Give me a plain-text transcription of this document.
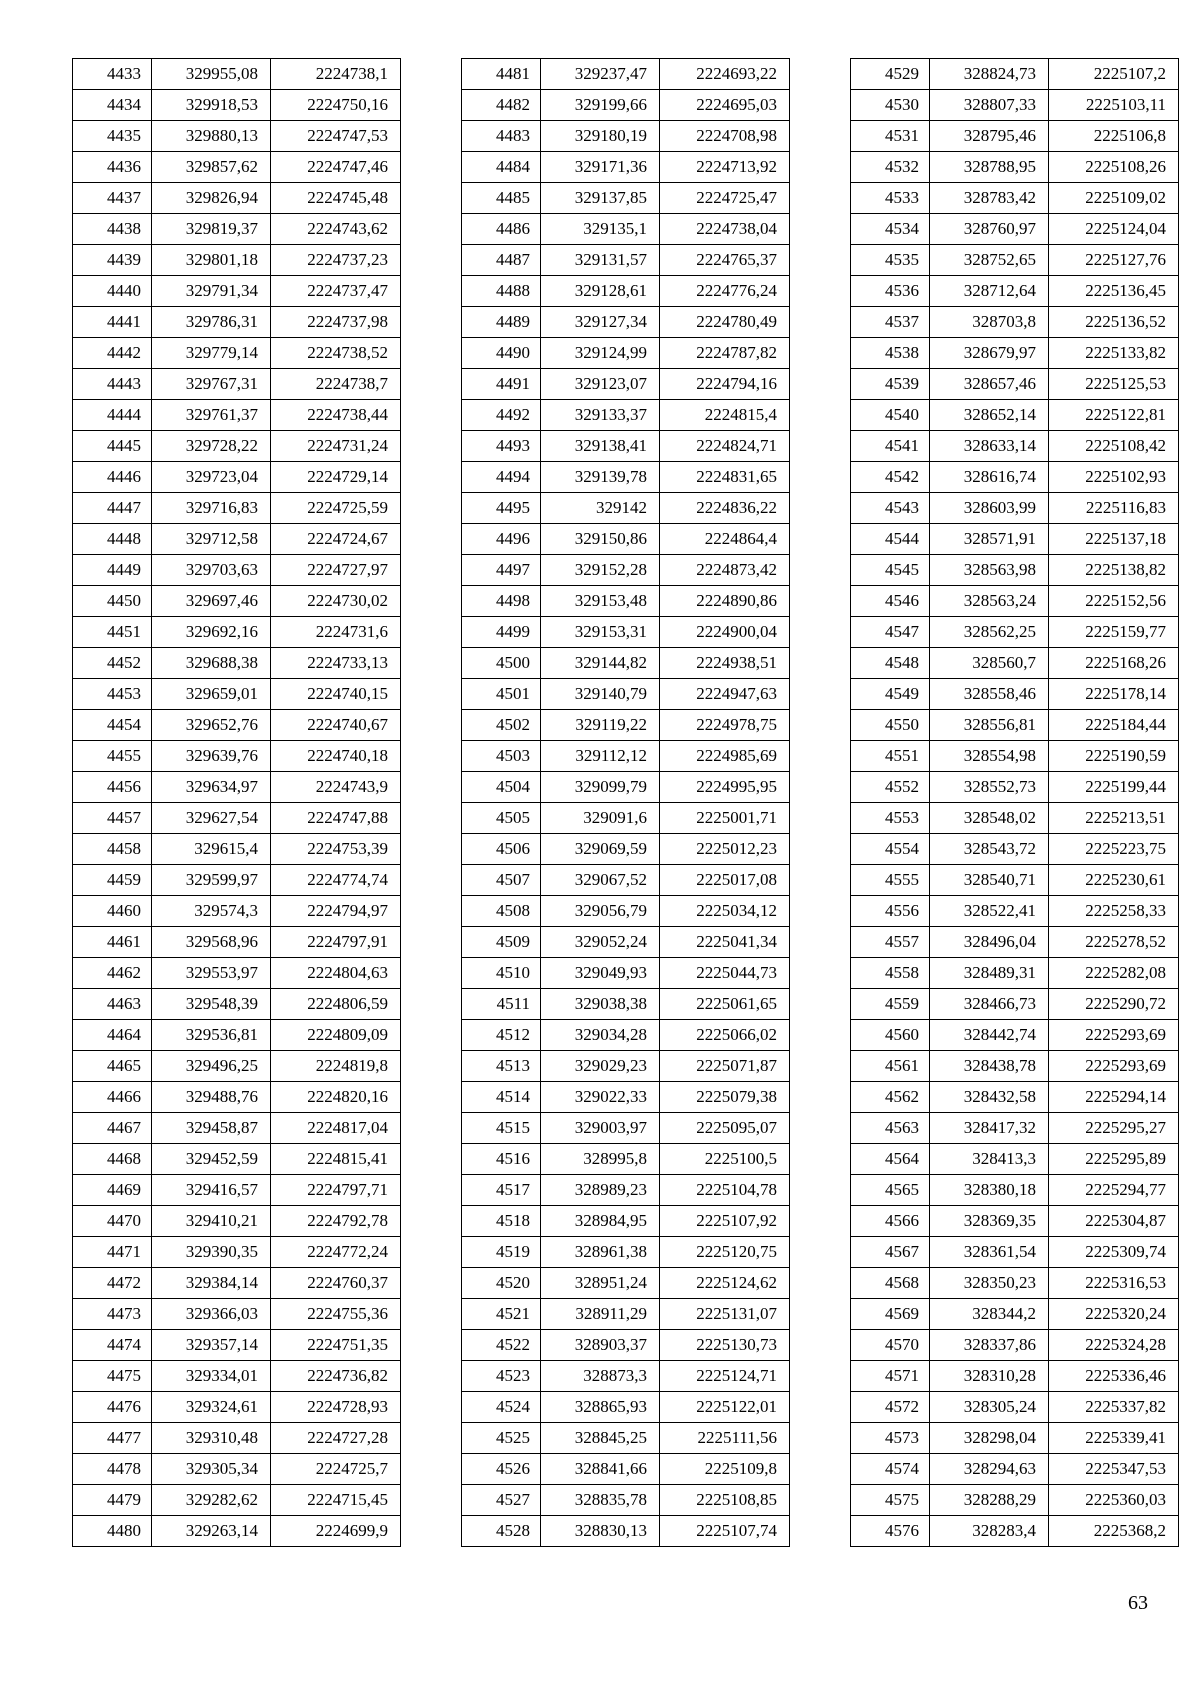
4433	329955,08	2224738,1
4434	329918,53	2224750,16
4435	329880,13	2224747,53
4436	329857,62	2224747,46
4437	329826,94	2224745,48
4438	329819,37	2224743,62
4439	329801,18	2224737,23
4440	329791,34	2224737,47
4441	329786,31	2224737,98
4442	329779,14	2224738,52
4443	329767,31	2224738,7
4444	329761,37	2224738,44
4445	329728,22	2224731,24
4446	329723,04	2224729,14
4447	329716,83	2224725,59
4448	329712,58	2224724,67
4449	329703,63	2224727,97
4450	329697,46	2224730,02
4451	329692,16	2224731,6
4452	329688,38	2224733,13
4453	329659,01	2224740,15
4454	329652,76	2224740,67
4455	329639,76	2224740,18
4456	329634,97	2224743,9
4457	329627,54	2224747,88
4458	329615,4	2224753,39
4459	329599,97	2224774,74
4460	329574,3	2224794,97
4461	329568,96	2224797,91
4462	329553,97	2224804,63
4463	329548,39	2224806,59
4464	329536,81	2224809,09
4465	329496,25	2224819,8
4466	329488,76	2224820,16
4467	329458,87	2224817,04
4468	329452,59	2224815,41
4469	329416,57	2224797,71
4470	329410,21	2224792,78
4471	329390,35	2224772,24
4472	329384,14	2224760,37
4473	329366,03	2224755,36
4474	329357,14	2224751,35
4475	329334,01	2224736,82
4476	329324,61	2224728,93
4477	329310,48	2224727,28
4478	329305,34	2224725,7
4479	329282,62	2224715,45
4480	329263,14	2224699,9
4481	329237,47	2224693,22
4482	329199,66	2224695,03
4483	329180,19	2224708,98
4484	329171,36	2224713,92
4485	329137,85	2224725,47
4486	329135,1	2224738,04
4487	329131,57	2224765,37
4488	329128,61	2224776,24
4489	329127,34	2224780,49
4490	329124,99	2224787,82
4491	329123,07	2224794,16
4492	329133,37	2224815,4
4493	329138,41	2224824,71
4494	329139,78	2224831,65
4495	329142	2224836,22
4496	329150,86	2224864,4
4497	329152,28	2224873,42
4498	329153,48	2224890,86
4499	329153,31	2224900,04
4500	329144,82	2224938,51
4501	329140,79	2224947,63
4502	329119,22	2224978,75
4503	329112,12	2224985,69
4504	329099,79	2224995,95
4505	329091,6	2225001,71
4506	329069,59	2225012,23
4507	329067,52	2225017,08
4508	329056,79	2225034,12
4509	329052,24	2225041,34
4510	329049,93	2225044,73
4511	329038,38	2225061,65
4512	329034,28	2225066,02
4513	329029,23	2225071,87
4514	329022,33	2225079,38
4515	329003,97	2225095,07
4516	328995,8	2225100,5
4517	328989,23	2225104,78
4518	328984,95	2225107,92
4519	328961,38	2225120,75
4520	328951,24	2225124,62
4521	328911,29	2225131,07
4522	328903,37	2225130,73
4523	328873,3	2225124,71
4524	328865,93	2225122,01
4525	328845,25	2225111,56
4526	328841,66	2225109,8
4527	328835,78	2225108,85
4528	328830,13	2225107,74
4529	328824,73	2225107,2
4530	328807,33	2225103,11
4531	328795,46	2225106,8
4532	328788,95	2225108,26
4533	328783,42	2225109,02
4534	328760,97	2225124,04
4535	328752,65	2225127,76
4536	328712,64	2225136,45
4537	328703,8	2225136,52
4538	328679,97	2225133,82
4539	328657,46	2225125,53
4540	328652,14	2225122,81
4541	328633,14	2225108,42
4542	328616,74	2225102,93
4543	328603,99	2225116,83
4544	328571,91	2225137,18
4545	328563,98	2225138,82
4546	328563,24	2225152,56
4547	328562,25	2225159,77
4548	328560,7	2225168,26
4549	328558,46	2225178,14
4550	328556,81	2225184,44
4551	328554,98	2225190,59
4552	328552,73	2225199,44
4553	328548,02	2225213,51
4554	328543,72	2225223,75
4555	328540,71	2225230,61
4556	328522,41	2225258,33
4557	328496,04	2225278,52
4558	328489,31	2225282,08
4559	328466,73	2225290,72
4560	328442,74	2225293,69
4561	328438,78	2225293,69
4562	328432,58	2225294,14
4563	328417,32	2225295,27
4564	328413,3	2225295,89
4565	328380,18	2225294,77
4566	328369,35	2225304,87
4567	328361,54	2225309,74
4568	328350,23	2225316,53
4569	328344,2	2225320,24
4570	328337,86	2225324,28
4571	328310,28	2225336,46
4572	328305,24	2225337,82
4573	328298,04	2225339,41
4574	328294,63	2225347,53
4575	328288,29	2225360,03
4576	328283,4	2225368,2
63
